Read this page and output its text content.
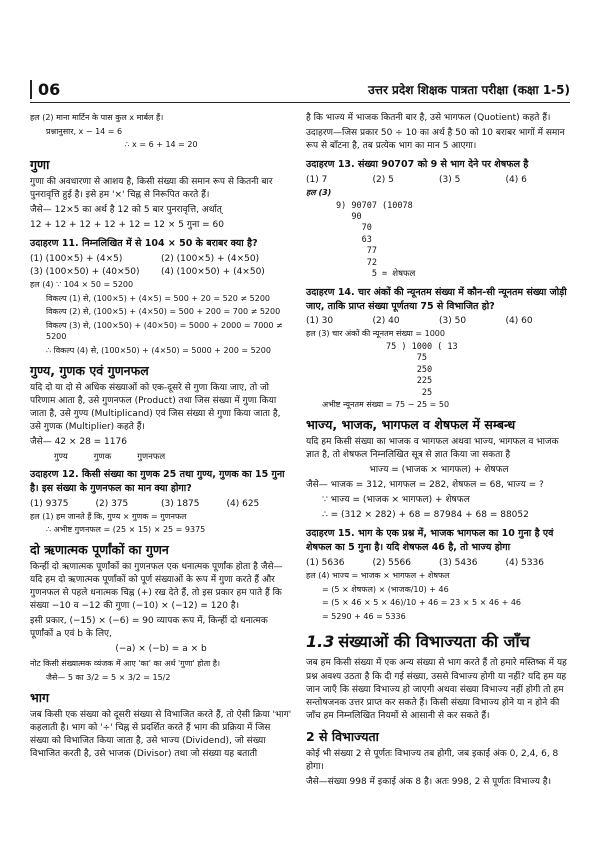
06	उत्तर प्रदेश शिक्षक पात्रता परीक्षा (कक्षा 1-5)

हल (2) माना मार्टिन के पास कुल x मार्बल हैं।

प्रश्नानुसार, x − 14 = 6

∴ x = 6 + 14 = 20

गुणा

गुणा की अवधारणा से आशय है, किसी संख्या की समान रूप से कितनी बार पुनरावृत्ति हुई है। इसे हम '×' चिह्न से निरूपित करते हैं।

जैसे— 12×5 का अर्थ है 12 को 5 बार पुनरावृत्ति, अर्थात्

12 + 12 + 12 + 12 + 12 = 12 × 5 गुना = 60

उदाहरण 11. निम्नलिखित में से 104 × 50 के बराबर क्या है?

(1) (100×5) + (4×5)	(2) (100×5) + (4×50)
(3) (100×50) + (40×50)	(4) (100×50) + (4×50)

हल (4) ∵ 104 × 50 = 5200

विकल्प (1) से, (100×5) + (4×5) = 500 + 20 = 520 ≠ 5200

विकल्प (2) से, (100×5) + (4×50) = 500 + 200 = 700 ≠ 5200

विकल्प (3) से, (100×50) + (40×50) = 5000 + 2000 = 7000 ≠ 5200

∴ विकल्प (4) से, (100×50) + (4×50) = 5000 + 200 = 5200

गुण्य, गुणक एवं गुणनफल

यदि दो या दो से अधिक संख्याओं को एक-दूसरे से गुणा किया जाए, तो जो परिणाम आता है, उसे गुणनफल (Product) तथा जिस संख्या में गुणा किया जाता है, उसे गुण्य (Multiplicand) एवं जिस संख्या से गुणा किया जाता है, उसे गुणक (Multiplier) कहते हैं।

जैसे— 42 × 28 = 1176

गुण्य	गुणक	गुणनफल

उदाहरण 12. किसी संख्या का गुणक 25 तथा गुण्य, गुणक का 15 गुना है। इस संख्या के गुणनफल का मान क्या होगा?

(1) 9375	(2) 375	(3) 1875	(4) 625

हल (1) हम जानते हैं कि, गुण्य × गुणक = गुणनफल

∴ अभीष्ट गुणनफल = (25 × 15) × 25 = 9375

दो ऋणात्मक पूर्णांकों का गुणन

किन्हीं दो ऋणात्मक पूर्णांकों का गुणनफल एक धनात्मक पूर्णांक होता है जैसे—यदि हम दो ऋणात्मक पूर्णांकों को पूर्ण संख्याओं के रूप में गुणा करते हैं और गुणनफल से पहले धनात्मक चिह्न (+) रख देते हैं, तो इस प्रकार हम पाते हैं कि संख्या −10 व −12 की गुणा (−10) × (−12) = 120 है।

इसी प्रकार, (−15) × (−6) = 90 व्यापक रूप में, किन्हीं दो धनात्मक पूर्णांकों a एवं b के लिए,

(−a) × (−b) = a × b

नोट किसी संख्यात्मक व्यंजक में आए 'का' का अर्थ 'गुणा' होता है।

जैसे— 5 का 3/2 = 5 × 3/2 = 15/2

भाग

जब किसी एक संख्या को दूसरी संख्या से विभाजित करते हैं, तो ऐसी क्रिया 'भाग' कहलाती है। भाग को '÷' चिह्न से प्रदर्शित करते हैं भाग की प्रक्रिया में जिस संख्या को विभाजित किया जाता है, उसे भाज्य (Dividend), जो संख्या विभाजित करती है, उसे भाजक (Divisor) तथा जो संख्या यह बताती

है कि भाज्य में भाजक कितनी बार है, उसे भागफल (Quotient) कहते हैं।

उदाहरण—जिस प्रकार 50 ÷ 10 का अर्थ है 50 को 10 बराबर भागों में समान रूप से बाँटना है, तब प्रत्येक भाग का मान 5 आएगा।

उदाहरण 13. संख्या 90707 को 9 से भाग देने पर शेषफल है

(1) 7	(2) 5	(3) 5	(4) 6

हल (3)

9) 90707 (10078
90
70
63
77
72
5 = शेषफल

उदाहरण 14. चार अंकों की न्यूनतम संख्या में कौन-सी न्यूनतम संख्या जोड़ी जाए, ताकि प्राप्त संख्या पूर्णतया 75 से विभाजित हो?

(1) 30	(2) 40	(3) 50	(4) 60

हल (3) चार अंकों की न्यूनतम संख्या = 1000

75 ) 1000 ( 13
75
250
225
25

अभीष्ट न्यूनतम संख्या = 75 − 25 = 50

भाज्य, भाजक, भागफल व शेषफल में सम्बन्ध

यदि हम किसी संख्या का भाजक व भागफल अथवा भाज्य, भागफल व भाजक ज्ञात है, तो शेषफल निम्नलिखित सूत्र से ज्ञात किया जा सकता है

भाज्य = (भाजक × भागफल) + शेषफल

जैसे— भाजक = 312, भागफल = 282, शेषफल = 68, भाज्य = ?

∵ भाज्य = (भाजक × भागफल) + शेषफल

∴ = (312 × 282) + 68 = 87984 + 68 = 88052

उदाहरण 15. भाग के एक प्रश्न में, भाजक भागफल का 10 गुना है एवं शेषफल का 5 गुना है। यदि शेषफल 46 है, तो भाज्य होगा

(1) 5636	(2) 5566	(3) 5436	(4) 5336

हल (4) भाज्य = भाजक × भागफल + शेषफल

= (5 × शेषफल) × (भाजक/10) + 46

= (5 × 46 × 5 × 46)/10 + 46 = 23 × 5 × 46 + 46

= 5290 + 46 = 5336

1.3 संख्याओं की विभाज्यता की जाँच

जब हम किसी संख्या में एक अन्य संख्या से भाग करते हैं तो हमारे मस्तिष्क में यह प्रश्न अवश्य उठता है कि दी गई संख्या, उससे विभाज्य होगी या नहीं? यदि हम यह जान जाएँ कि संख्या विभाज्य हो जाएगी अथवा संख्या विभाज्य नहीं होगी तो हम सन्तोषजनक उत्तर प्राप्त कर सकते हैं। किसी संख्या विभाज्य होने या न होने की जाँच हम निम्नलिखित नियमों से आसानी से कर सकते हैं।

2 से विभाज्यता

कोई भी संख्या 2 से पूर्णतः विभाज्य तब होगी, जब इकाई अंक 0, 2,4, 6, 8 होगा।

जैसे—संख्या 998 में इकाई अंक 8 है। अतः 998, 2 से पूर्णतः विभाज्य है।
